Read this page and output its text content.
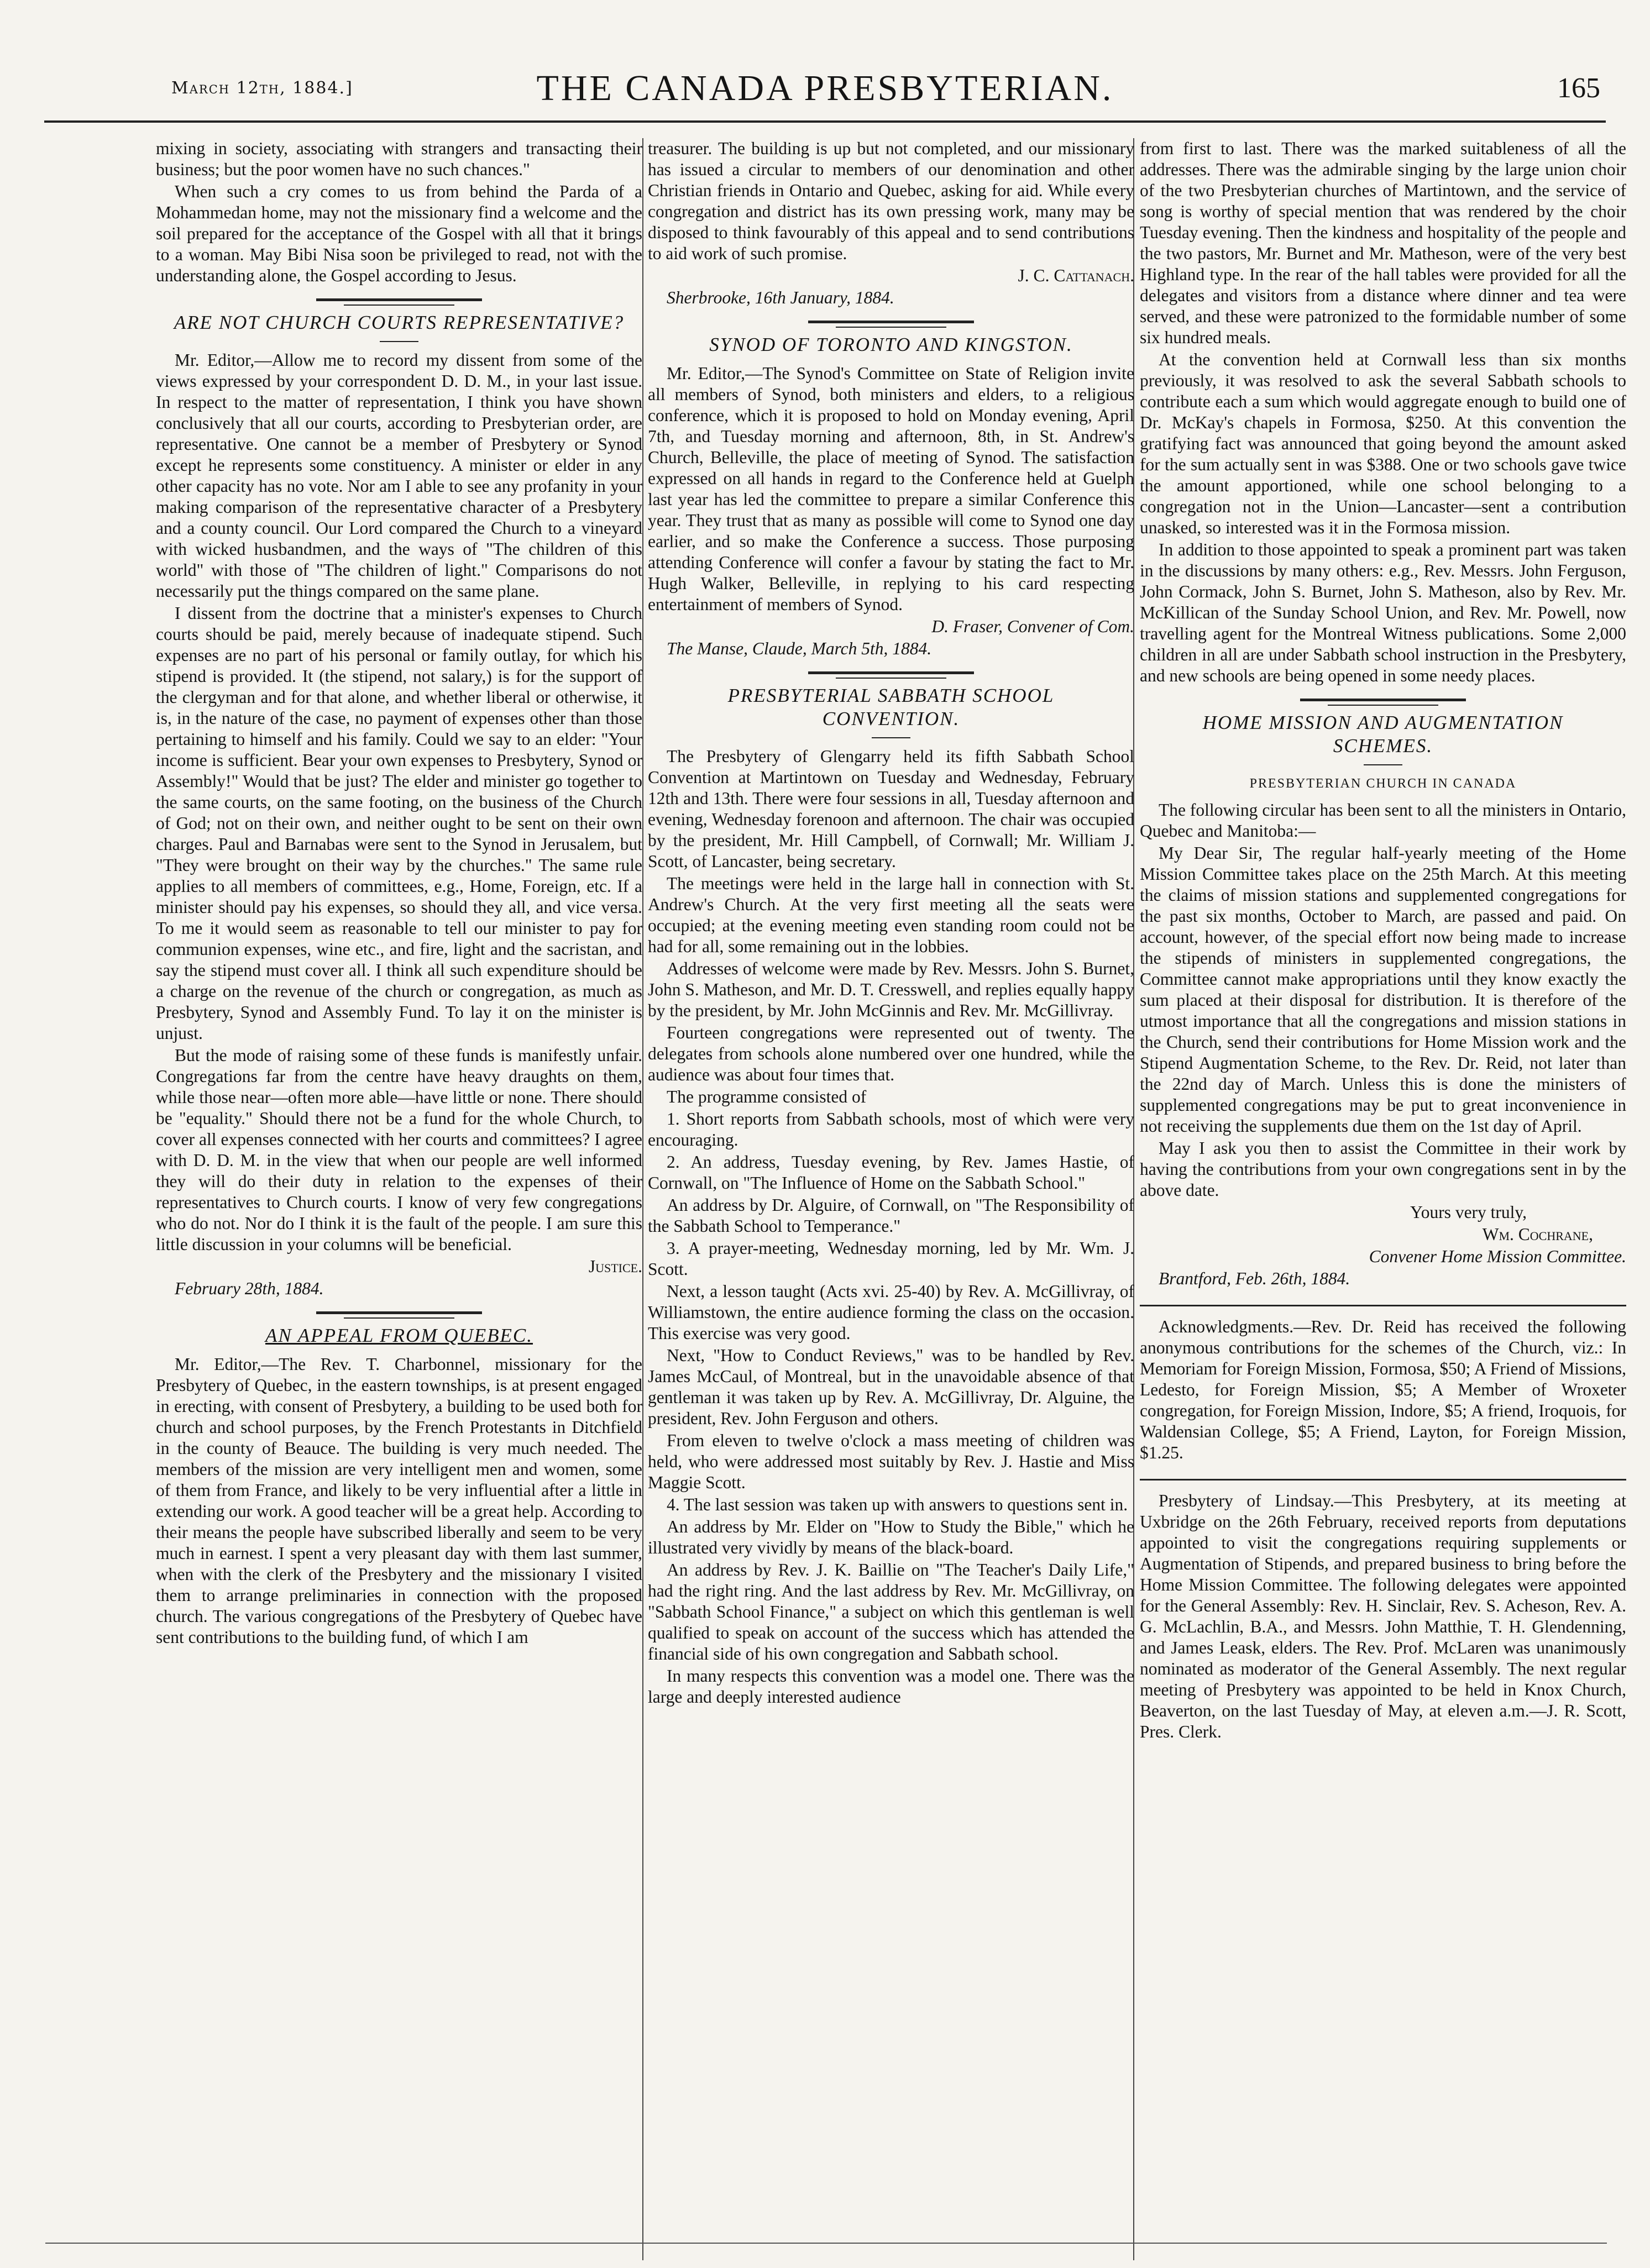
March 12th, 1884.]	THE CANADA PRESBYTERIAN.	165

mixing in society, associating with strangers and transacting their business; but the poor women have no such chances."

When such a cry comes to us from behind the Parda of a Mohammedan home, may not the missionary find a welcome and the soil prepared for the acceptance of the Gospel with all that it brings to a woman. May Bibi Nisa soon be privileged to read, not with the understanding alone, the Gospel according to Jesus.

ARE NOT CHURCH COURTS REPRESENTATIVE?

Mr. Editor,—Allow me to record my dissent from some of the views expressed by your correspondent D. D. M., in your last issue. In respect to the matter of representation, I think you have shown conclusively that all our courts, according to Presbyterian order, are representative. One cannot be a member of Presbytery or Synod except he represents some constituency. A minister or elder in any other capacity has no vote. Nor am I able to see any profanity in your making comparison of the representative character of a Presbytery and a county council. Our Lord compared the Church to a vineyard with wicked husbandmen, and the ways of "The children of this world" with those of "The children of light." Comparisons do not necessarily put the things compared on the same plane.

I dissent from the doctrine that a minister's expenses to Church courts should be paid, merely because of inadequate stipend. Such expenses are no part of his personal or family outlay, for which his stipend is provided. It (the stipend, not salary,) is for the support of the clergyman and for that alone, and whether liberal or otherwise, it is, in the nature of the case, no payment of expenses other than those pertaining to himself and his family. Could we say to an elder: "Your income is sufficient. Bear your own expenses to Presbytery, Synod or Assembly!" Would that be just? The elder and minister go together to the same courts, on the same footing, on the business of the Church of God; not on their own, and neither ought to be sent on their own charges. Paul and Barnabas were sent to the Synod in Jerusalem, but "They were brought on their way by the churches." The same rule applies to all members of committees, e.g., Home, Foreign, etc. If a minister should pay his expenses, so should they all, and vice versa. To me it would seem as reasonable to tell our minister to pay for communion expenses, wine etc., and fire, light and the sacristan, and say the stipend must cover all. I think all such expenditure should be a charge on the revenue of the church or congregation, as much as Presbytery, Synod and Assembly Fund. To lay it on the minister is unjust.

But the mode of raising some of these funds is manifestly unfair. Congregations far from the centre have heavy draughts on them, while those near—often more able—have little or none. There should be "equality." Should there not be a fund for the whole Church, to cover all expenses connected with her courts and committees? I agree with D. D. M. in the view that when our people are well informed they will do their duty in relation to the expenses of their representatives to Church courts. I know of very few congregations who do not. Nor do I think it is the fault of the people. I am sure this little discussion in your columns will be beneficial.

Justice.

February 28th, 1884.

AN APPEAL FROM QUEBEC.

Mr. Editor,—The Rev. T. Charbonnel, missionary for the Presbytery of Quebec, in the eastern townships, is at present engaged in erecting, with consent of Presbytery, a building to be used both for church and school purposes, by the French Protestants in Ditchfield in the county of Beauce. The building is very much needed. The members of the mission are very intelligent men and women, some of them from France, and likely to be very influential after a little in extending our work. A good teacher will be a great help. According to their means the people have subscribed liberally and seem to be very much in earnest. I spent a very pleasant day with them last summer, when with the clerk of the Presbytery and the missionary I visited them to arrange preliminaries in connection with the proposed church. The various congregations of the Presbytery of Quebec have sent contributions to the building fund, of which I am

treasurer. The building is up but not completed, and our missionary has issued a circular to members of our denomination and other Christian friends in Ontario and Quebec, asking for aid. While every congregation and district has its own pressing work, many may be disposed to think favourably of this appeal and to send contributions to aid work of such promise.

J. C. Cattanach.

Sherbrooke, 16th January, 1884.

SYNOD OF TORONTO AND KINGSTON.

Mr. Editor,—The Synod's Committee on State of Religion invite all members of Synod, both ministers and elders, to a religious conference, which it is proposed to hold on Monday evening, April 7th, and Tuesday morning and afternoon, 8th, in St. Andrew's Church, Belleville, the place of meeting of Synod. The satisfaction expressed on all hands in regard to the Conference held at Guelph last year has led the committee to prepare a similar Conference this year. They trust that as many as possible will come to Synod one day earlier, and so make the Conference a success. Those purposing attending Conference will confer a favour by stating the fact to Mr. Hugh Walker, Belleville, in replying to his card respecting entertainment of members of Synod.

D. Fraser, Convener of Com.

The Manse, Claude, March 5th, 1884.

PRESBYTERIAL SABBATH SCHOOL CONVENTION.

The Presbytery of Glengarry held its fifth Sabbath School Convention at Martintown on Tuesday and Wednesday, February 12th and 13th. There were four sessions in all, Tuesday afternoon and evening, Wednesday forenoon and afternoon. The chair was occupied by the president, Mr. Hill Campbell, of Cornwall; Mr. William J. Scott, of Lancaster, being secretary.

The meetings were held in the large hall in connection with St. Andrew's Church. At the very first meeting all the seats were occupied; at the evening meeting even standing room could not be had for all, some remaining out in the lobbies.

Addresses of welcome were made by Rev. Messrs. John S. Burnet, John S. Matheson, and Mr. D. T. Cresswell, and replies equally happy by the president, by Mr. John McGinnis and Rev. Mr. McGillivray.

Fourteen congregations were represented out of twenty. The delegates from schools alone numbered over one hundred, while the audience was about four times that.

The programme consisted of

1. Short reports from Sabbath schools, most of which were very encouraging.

2. An address, Tuesday evening, by Rev. James Hastie, of Cornwall, on "The Influence of Home on the Sabbath School."

An address by Dr. Alguire, of Cornwall, on "The Responsibility of the Sabbath School to Temperance."

3. A prayer-meeting, Wednesday morning, led by Mr. Wm. J. Scott.

Next, a lesson taught (Acts xvi. 25-40) by Rev. A. McGillivray, of Williamstown, the entire audience forming the class on the occasion. This exercise was very good.

Next, "How to Conduct Reviews," was to be handled by Rev. James McCaul, of Montreal, but in the unavoidable absence of that gentleman it was taken up by Rev. A. McGillivray, Dr. Alguine, the president, Rev. John Ferguson and others.

From eleven to twelve o'clock a mass meeting of children was held, who were addressed most suitably by Rev. J. Hastie and Miss Maggie Scott.

4. The last session was taken up with answers to questions sent in.

An address by Mr. Elder on "How to Study the Bible," which he illustrated very vividly by means of the black-board.

An address by Rev. J. K. Baillie on "The Teacher's Daily Life," had the right ring. And the last address by Rev. Mr. McGillivray, on "Sabbath School Finance," a subject on which this gentleman is well qualified to speak on account of the success which has attended the financial side of his own congregation and Sabbath school.

In many respects this convention was a model one. There was the large and deeply interested audience

from first to last. There was the marked suitableness of all the addresses. There was the admirable singing by the large union choir of the two Presbyterian churches of Martintown, and the service of song is worthy of special mention that was rendered by the choir Tuesday evening. Then the kindness and hospitality of the people and the two pastors, Mr. Burnet and Mr. Matheson, were of the very best Highland type. In the rear of the hall tables were provided for all the delegates and visitors from a distance where dinner and tea were served, and these were patronized to the formidable number of some six hundred meals.

At the convention held at Cornwall less than six months previously, it was resolved to ask the several Sabbath schools to contribute each a sum which would aggregate enough to build one of Dr. McKay's chapels in Formosa, $250. At this convention the gratifying fact was announced that going beyond the amount asked for the sum actually sent in was $388. One or two schools gave twice the amount apportioned, while one school belonging to a congregation not in the Union—Lancaster—sent a contribution unasked, so interested was it in the Formosa mission.

In addition to those appointed to speak a prominent part was taken in the discussions by many others: e.g., Rev. Messrs. John Ferguson, John Cormack, John S. Burnet, John S. Matheson, also by Rev. Mr. McKillican of the Sunday School Union, and Rev. Mr. Powell, now travelling agent for the Montreal Witness publications. Some 2,000 children in all are under Sabbath school instruction in the Presbytery, and new schools are being opened in some needy places.

HOME MISSION AND AUGMENTATION SCHEMES.
PRESBYTERIAN CHURCH IN CANADA

The following circular has been sent to all the ministers in Ontario, Quebec and Manitoba:—

My Dear Sir, The regular half-yearly meeting of the Home Mission Committee takes place on the 25th March. At this meeting the claims of mission stations and supplemented congregations for the past six months, October to March, are passed and paid. On account, however, of the special effort now being made to increase the stipends of ministers in supplemented congregations, the Committee cannot make appropriations until they know exactly the sum placed at their disposal for distribution. It is therefore of the utmost importance that all the congregations and mission stations in the Church, send their contributions for Home Mission work and the Stipend Augmentation Scheme, to the Rev. Dr. Reid, not later than the 22nd day of March. Unless this is done the ministers of supplemented congregations may be put to great inconvenience in not receiving the supplements due them on the 1st day of April.

May I ask you then to assist the Committee in their work by having the contributions from your own congregations sent in by the above date.

Yours very truly,

Wm. Cochrane,

Convener Home Mission Committee.

Brantford, Feb. 26th, 1884.

Acknowledgments.—Rev. Dr. Reid has received the following anonymous contributions for the schemes of the Church, viz.: In Memoriam for Foreign Mission, Formosa, $50; A Friend of Missions, Ledesto, for Foreign Mission, $5; A Member of Wroxeter congregation, for Foreign Mission, Indore, $5; A friend, Iroquois, for Waldensian College, $5; A Friend, Layton, for Foreign Mission, $1.25.

Presbytery of Lindsay.—This Presbytery, at its meeting at Uxbridge on the 26th February, received reports from deputations appointed to visit the congregations requiring supplements or Augmentation of Stipends, and prepared business to bring before the Home Mission Committee. The following delegates were appointed for the General Assembly: Rev. H. Sinclair, Rev. S. Acheson, Rev. A. G. McLachlin, B.A., and Messrs. John Matthie, T. H. Glendenning, and James Leask, elders. The Rev. Prof. McLaren was unanimously nominated as moderator of the General Assembly. The next regular meeting of Presbytery was appointed to be held in Knox Church, Beaverton, on the last Tuesday of May, at eleven a.m.—J. R. Scott, Pres. Clerk.
